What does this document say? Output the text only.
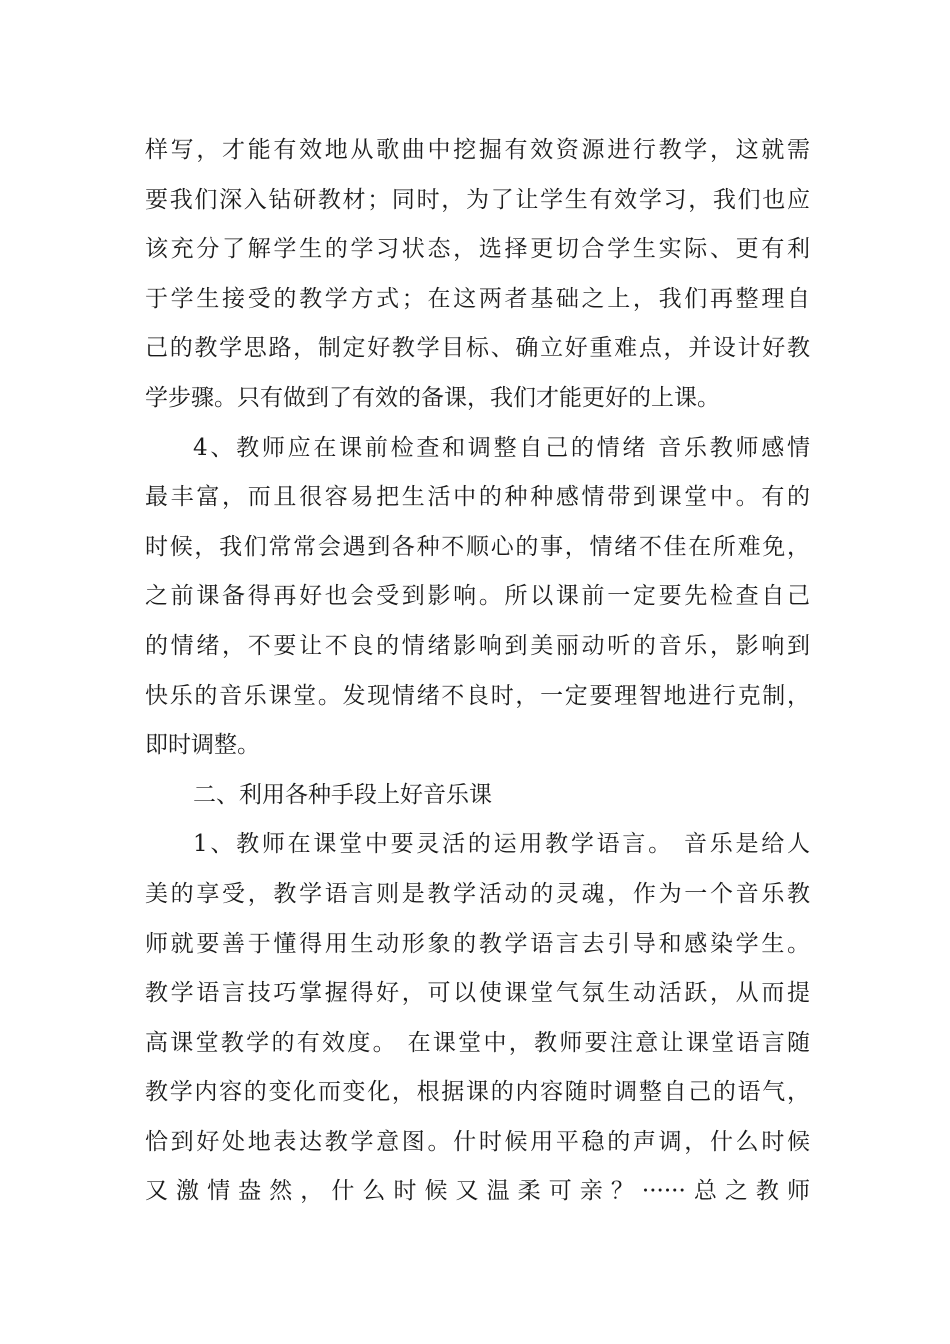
样写，才能有效地从歌曲中挖掘有效资源进行教学，这就需
要我们深入钻研教材；同时，为了让学生有效学习，我们也应
该充分了解学生的学习状态，选择更切合学生实际、更有利
于学生接受的教学方式；在这两者基础之上，我们再整理自
己的教学思路，制定好教学目标、确立好重难点，并设计好教
学步骤。只有做到了有效的备课，我们才能更好的上课。
4、教师应在课前检查和调整自己的情绪 音乐教师感情
最丰富，而且很容易把生活中的种种感情带到课堂中。有的
时候，我们常常会遇到各种不顺心的事，情绪不佳在所难免，
之前课备得再好也会受到影响。所以课前一定要先检查自己
的情绪，不要让不良的情绪影响到美丽动听的音乐，影响到
快乐的音乐课堂。发现情绪不良时，一定要理智地进行克制，
即时调整。
二、利用各种手段上好音乐课
1、教师在课堂中要灵活的运用教学语言。 音乐是给人
美的享受，教学语言则是教学活动的灵魂，作为一个音乐教
师就要善于懂得用生动形象的教学语言去引导和感染学生。
教学语言技巧掌握得好，可以使课堂气氛生动活跃，从而提
高课堂教学的有效度。 在课堂中，教师要注意让课堂语言随
教学内容的变化而变化，根据课的内容随时调整自己的语气，
恰到好处地表达教学意图。什时候用平稳的声调，什么时候
又激情盎然，什么时候又温柔可亲？······总之教师
